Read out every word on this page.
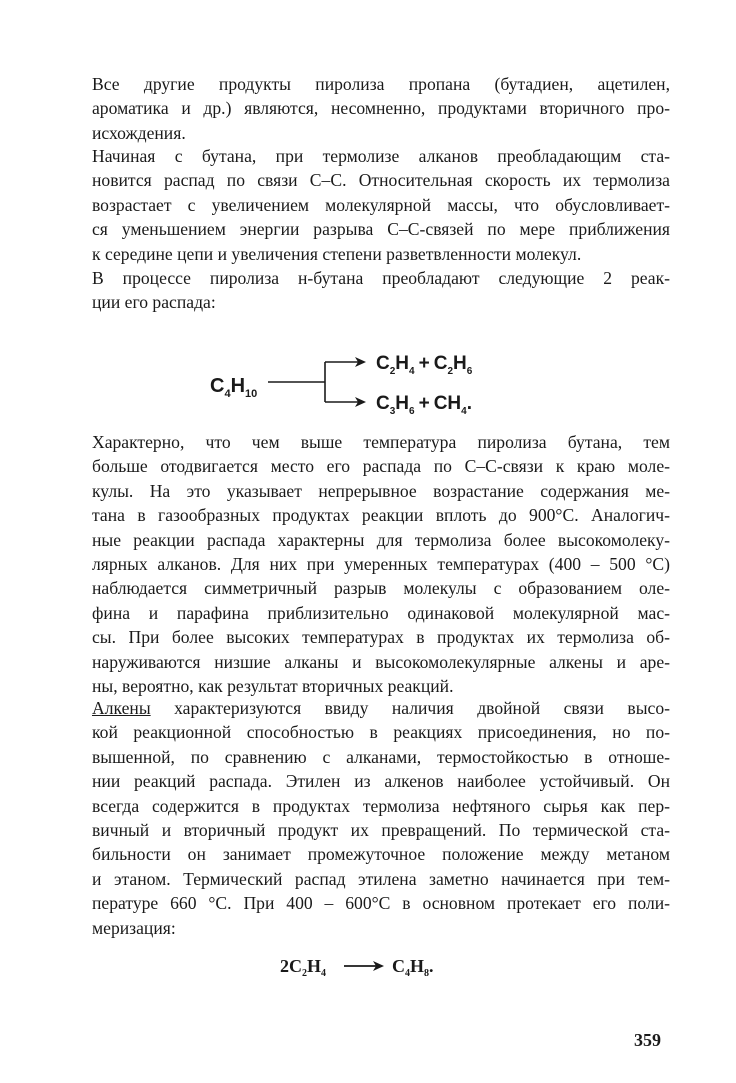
Все другие продукты пиролиза пропана (бутадиен, ацетилен,
ароматика и др.) являются, несомненно, продуктами вторичного про-
исхождения.

Начиная с бутана, при термолизе алканов преобладающим ста-
новится распад по связи С–С. Относительная скорость их термолиза
возрастает с увеличением молекулярной массы, что обусловливает-
ся уменьшением энергии разрыва С–С-связей по мере приближения
к середине цепи и увеличения степени разветвленности молекул.

В процессе пиролиза н-бутана преобладают следующие 2 реак-
ции его распада:

$C_4H_{10}$
$C_2H_4 + C_2H_6$
$C_3H_6 + CH_4$.

Характерно, что чем выше температура пиролиза бутана, тем
больше отодвигается место его распада по С–С-связи к краю моле-
кулы. На это указывает непрерывное возрастание содержания ме-
тана в газообразных продуктах реакции вплоть до 900°С. Аналогич-
ные реакции распада характерны для термолиза более высокомолеку-
лярных алканов. Для них при умеренных температурах (400 – 500 °С)
наблюдается симметричный разрыв молекулы с образованием оле-
фина и парафина приблизительно одинаковой молекулярной мас-
сы. При более высоких температурах в продуктах их термолиза об-
наруживаются низшие алканы и высокомолекулярные алкены и аре-
ны, вероятно, как результат вторичных реакций.

Алкены характеризуются ввиду наличия двойной связи высо-
кой реакционной способностью в реакциях присоединения, но по-
вышенной, по сравнению с алканами, термостойкостью в отноше-
нии реакций распада. Этилен из алкенов наиболее устойчивый. Он
всегда содержится в продуктах термолиза нефтяного сырья как пер-
вичный и вторичный продукт их превращений. По термической ста-
бильности он занимает промежуточное положение между метаном
и этаном. Термический распад этилена заметно начинается при тем-
пературе 660 °С. При 400 – 600°С в основном протекает его поли-
меризация:

$2C_2H_4$	$C_4H_8$.
359
